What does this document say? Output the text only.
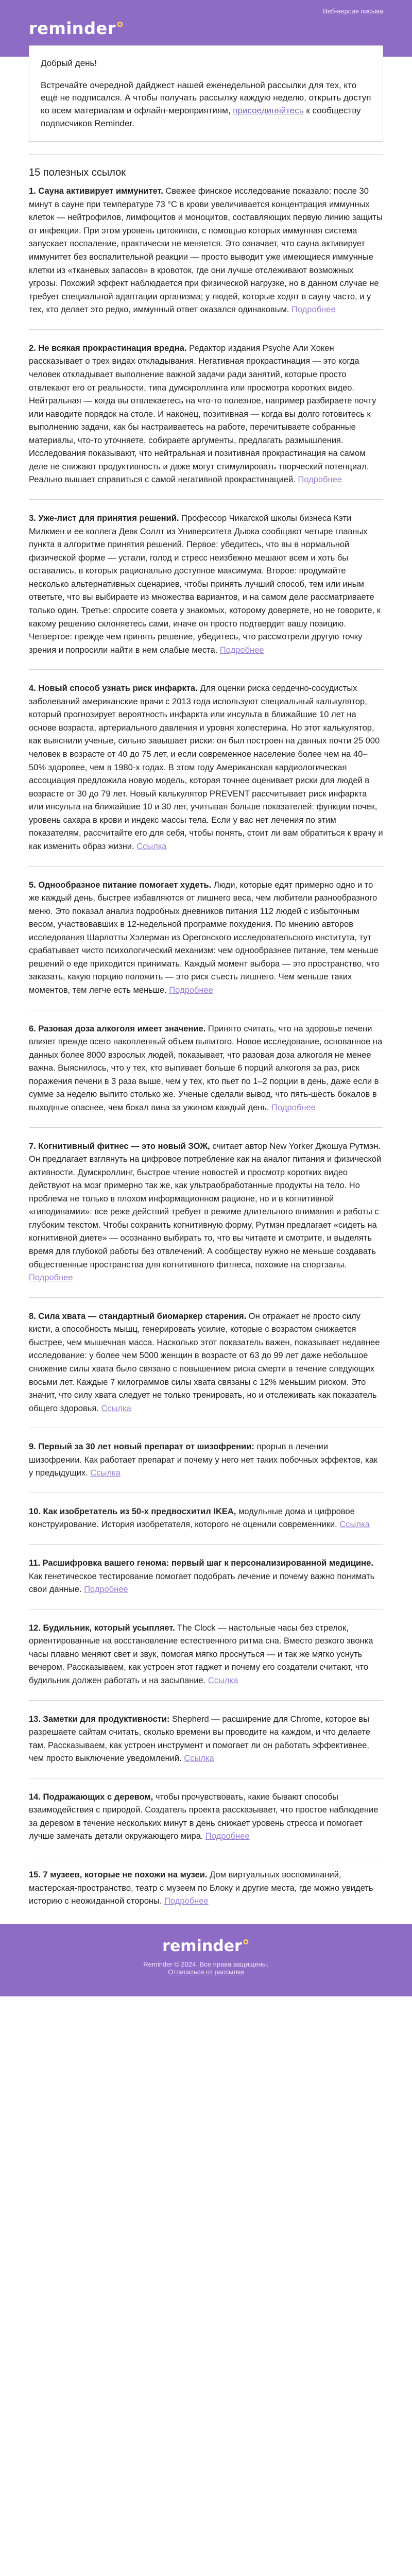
reminder°
Веб-версия письма

Добрый день!

Встречайте очередной дайджест нашей еженедельной рассылки для тех, кто ещё не подписался. А чтобы получать рассылку каждую неделю, открыть доступ ко всем материалам и офлайн-мероприятиям, присоединяйтесь к сообществу подписчиков Reminder.

15 полезных ссылок

1. Сауна активирует иммунитет. Свежее финское исследование показало: после 30 минут в сауне при температуре 73 °C в крови увеличивается концентрация иммунных клеток — нейтрофилов, лимфоцитов и моноцитов, составляющих первую линию защиты от инфекции. При этом уровень цитокинов, с помощью которых иммунная система запускает воспаление, практически не меняется. Это означает, что сауна активирует иммунитет без воспалительной реакции — просто выводит уже имеющиеся иммунные клетки из «тканевых запасов» в кровоток, где они лучше отслеживают возможных угрозы. Похожий эффект наблюдается при физической нагрузке, но в данном случае не требует специальной адаптации организма; у людей, которые ходят в сауну часто, и у тех, кто делает это редко, иммунный ответ оказался одинаковым. Подробнее

2. Не всякая прокрастинация вредна. Редактор издания Psyche Али Хокен рассказывает о трех видах откладывания. Негативная прокрастинация — это когда человек откладывает выполнение важной задачи ради занятий, которые просто отвлекают его от реальности, типа думскроллинга или просмотра коротких видео. Нейтральная — когда вы отвлекаетесь на что-то полезное, например разбираете почту или наводите порядок на столе. И наконец, позитивная — когда вы долго готовитесь к выполнению задачи, как бы настраиваетесь на работе, перечитываете собранные материалы, что-то уточняете, собираете аргументы, предлагать размышления. Исследования показывают, что нейтральная и позитивная прокрастинация на самом деле не снижают продуктивность и даже могут стимулировать творческий потенциал. Реально вышает справиться с самой негативной прокрастинацией. Подробнее

3. Уже-лист для принятия решений. Профессор Чикагской школы бизнеса Кэти Милкмен и ее коллега Девк Соллт из Университета Дьюка сообщают четыре главных пункта в алгоритме принятия решений. Первое: убедитесь, что вы в нормальной физической форме — устали, голод и стресс неизбежно мешают всем и хоть бы оставались, в которых рационально доступное максимума. Второе: продумайте несколько альтернативных сценариев, чтобы принять лучший способ, тем или иным ответьте, что вы выбираете из множества вариантов, и на самом деле рассматриваете только один. Третье: спросите совета у знакомых, которому доверяете, но не говорите, к какому решению склоняетесь сами, иначе он просто подтвердит вашу позицию. Четвертое: прежде чем принять решение, убедитесь, что рассмотрели другую точку зрения и попросили найти в нем слабые места. Подробнее

4. Новый способ узнать риск инфаркта. Для оценки риска сердечно-сосудистых заболеваний американские врачи с 2013 года используют специальный калькулятор, который прогнозирует вероятность инфаркта или инсульта в ближайшие 10 лет на основе возраста, артериального давления и уровня холестерина. Но этот калькулятор, как выяснили ученые, сильно завышает риски: он был построен на данных почти 25 000 человек в возрасте от 40 до 75 лет, и если современное население более чем на 40–50% здоровее, чем в 1980-х годах. В этом году Американская кардиологическая ассоциация предложила новую модель, которая точнее оценивает риски для людей в возрасте от 30 до 79 лет. Новый калькулятор PREVENT рассчитывает риск инфаркта или инсульта на ближайшие 10 и 30 лет, учитывая больше показателей: функции почек, уровень сахара в крови и индекс массы тела. Если у вас нет лечения по этим показателям, рассчитайте его для себя, чтобы понять, стоит ли вам обратиться к врачу и как изменить образ жизни. Ссылка

5. Однообразное питание помогает худеть. Люди, которые едят примерно одно и то же каждый день, быстрее избавляются от лишнего веса, чем любители разнообразного меню. Это показал анализ подробных дневников питания 112 людей с избыточным весом, участвовавших в 12-недельной программе похудения. По мнению авторов исследования Шарлотты Хэлерман из Орегонского исследовательского института, тут срабатывает чисто психологический механизм: чем однообразнее питание, тем меньше решений о еде приходится принимать. Каждый момент выбора — это пространство, что заказать, какую порцию положить — это риск съесть лишнего. Чем меньше таких моментов, тем легче есть меньше. Подробнее

6. Разовая доза алкоголя имеет значение. Принято считать, что на здоровье печени влияет прежде всего накопленный объем выпитого. Новое исследование, основанное на данных более 8000 взрослых людей, показывает, что разовая доза алкоголя не менее важна. Выяснилось, что у тех, кто выпивает больше 6 порций алкоголя за раз, риск поражения печени в 3 раза выше, чем у тех, кто пьет по 1–2 порции в день, даже если в сумме за неделю выпито столько же. Ученые сделали вывод, что пять-шесть бокалов в выходные опаснее, чем бокал вина за ужином каждый день. Подробнее

7. Когнитивный фитнес — это новый ЗОЖ, считает автор New Yorker Джошуа Рутмэн. Он предлагает взглянуть на цифровое потребление как на аналог питания и физической активности. Думскроллинг, быстрое чтение новостей и просмотр коротких видео действуют на мозг примерно так же, как ультраобработанные продукты на тело. Но проблема не только в плохом информационном рационе, но и в когнитивной «гиподинамии»: все реже действий требует в режиме длительного внимания и работы с глубоким текстом. Чтобы сохранить когнитивную форму, Рутмэн предлагает «сидеть на когнитивной диете» — осознанно выбирать то, что вы читаете и смотрите, и выделять время для глубокой работы без отвлечений. А сообществу нужно не меньше создавать общественные пространства для когнитивного фитнеса, похожие на спортзалы. Подробнее

8. Сила хвата — стандартный биомаркер старения. Он отражает не просто силу кисти, а способность мышц, генерировать усилие, которые с возрастом снижается быстрее, чем мышечная масса. Насколько этот показатель важен, показывает недавнее исследование: у более чем 5000 женщин в возрасте от 63 до 99 лет даже небольшое снижение силы хвата было связано с повышением риска смерти в течение следующих восьми лет. Каждые 7 килограммов силы хвата связаны с 12% меньшим риском. Это значит, что силу хвата следует не только тренировать, но и отслеживать как показатель общего здоровья. Ссылка

9. Первый за 30 лет новый препарат от шизофрении: прорыв в лечении шизофрении. Как работает препарат и почему у него нет таких побочных эффектов, как у предыдущих. Ссылка

10. Как изобретатель из 50-х предвосхитил IKEA, модульные дома и цифровое конструирование. История изобретателя, которого не оценили современники. Ссылка

11. Расшифровка вашего генома: первый шаг к персонализированной медицине. Как генетическое тестирование помогает подобрать лечение и почему важно понимать свои данные. Подробнее

12. Будильник, который усыпляет. The Clock — настольные часы без стрелок, ориентированные на восстановление естественного ритма сна. Вместо резкого звонка часы плавно меняют свет и звук, помогая мягко проснуться — и так же мягко уснуть вечером. Рассказываем, как устроен этот гаджет и почему его создатели считают, что будильник должен работать и на засыпание. Ссылка

13. Заметки для продуктивности: Shepherd — расширение для Chrome, которое вы разрешаете сайтам считать, сколько времени вы проводите на каждом, и что делаете там. Рассказываем, как устроен инструмент и помогает ли он работать эффективнее, чем просто выключение уведомлений. Ссылка

14. Подражающих с деревом, чтобы прочувствовать, какие бывают способы взаимодействия с природой. Создатель проекта рассказывает, что простое наблюдение за деревом в течение нескольких минут в день снижает уровень стресса и помогает лучше замечать детали окружающего мира. Подробнее

15. 7 музеев, которые не похожи на музеи. Дом виртуальных воспоминаний, мастерская-пространство, театр с музеем по Блоку и другие места, где можно увидеть историю с неожиданной стороны. Подробнее

reminder°
Reminder © 2024. Все права защищены.
Отписаться от рассылки
